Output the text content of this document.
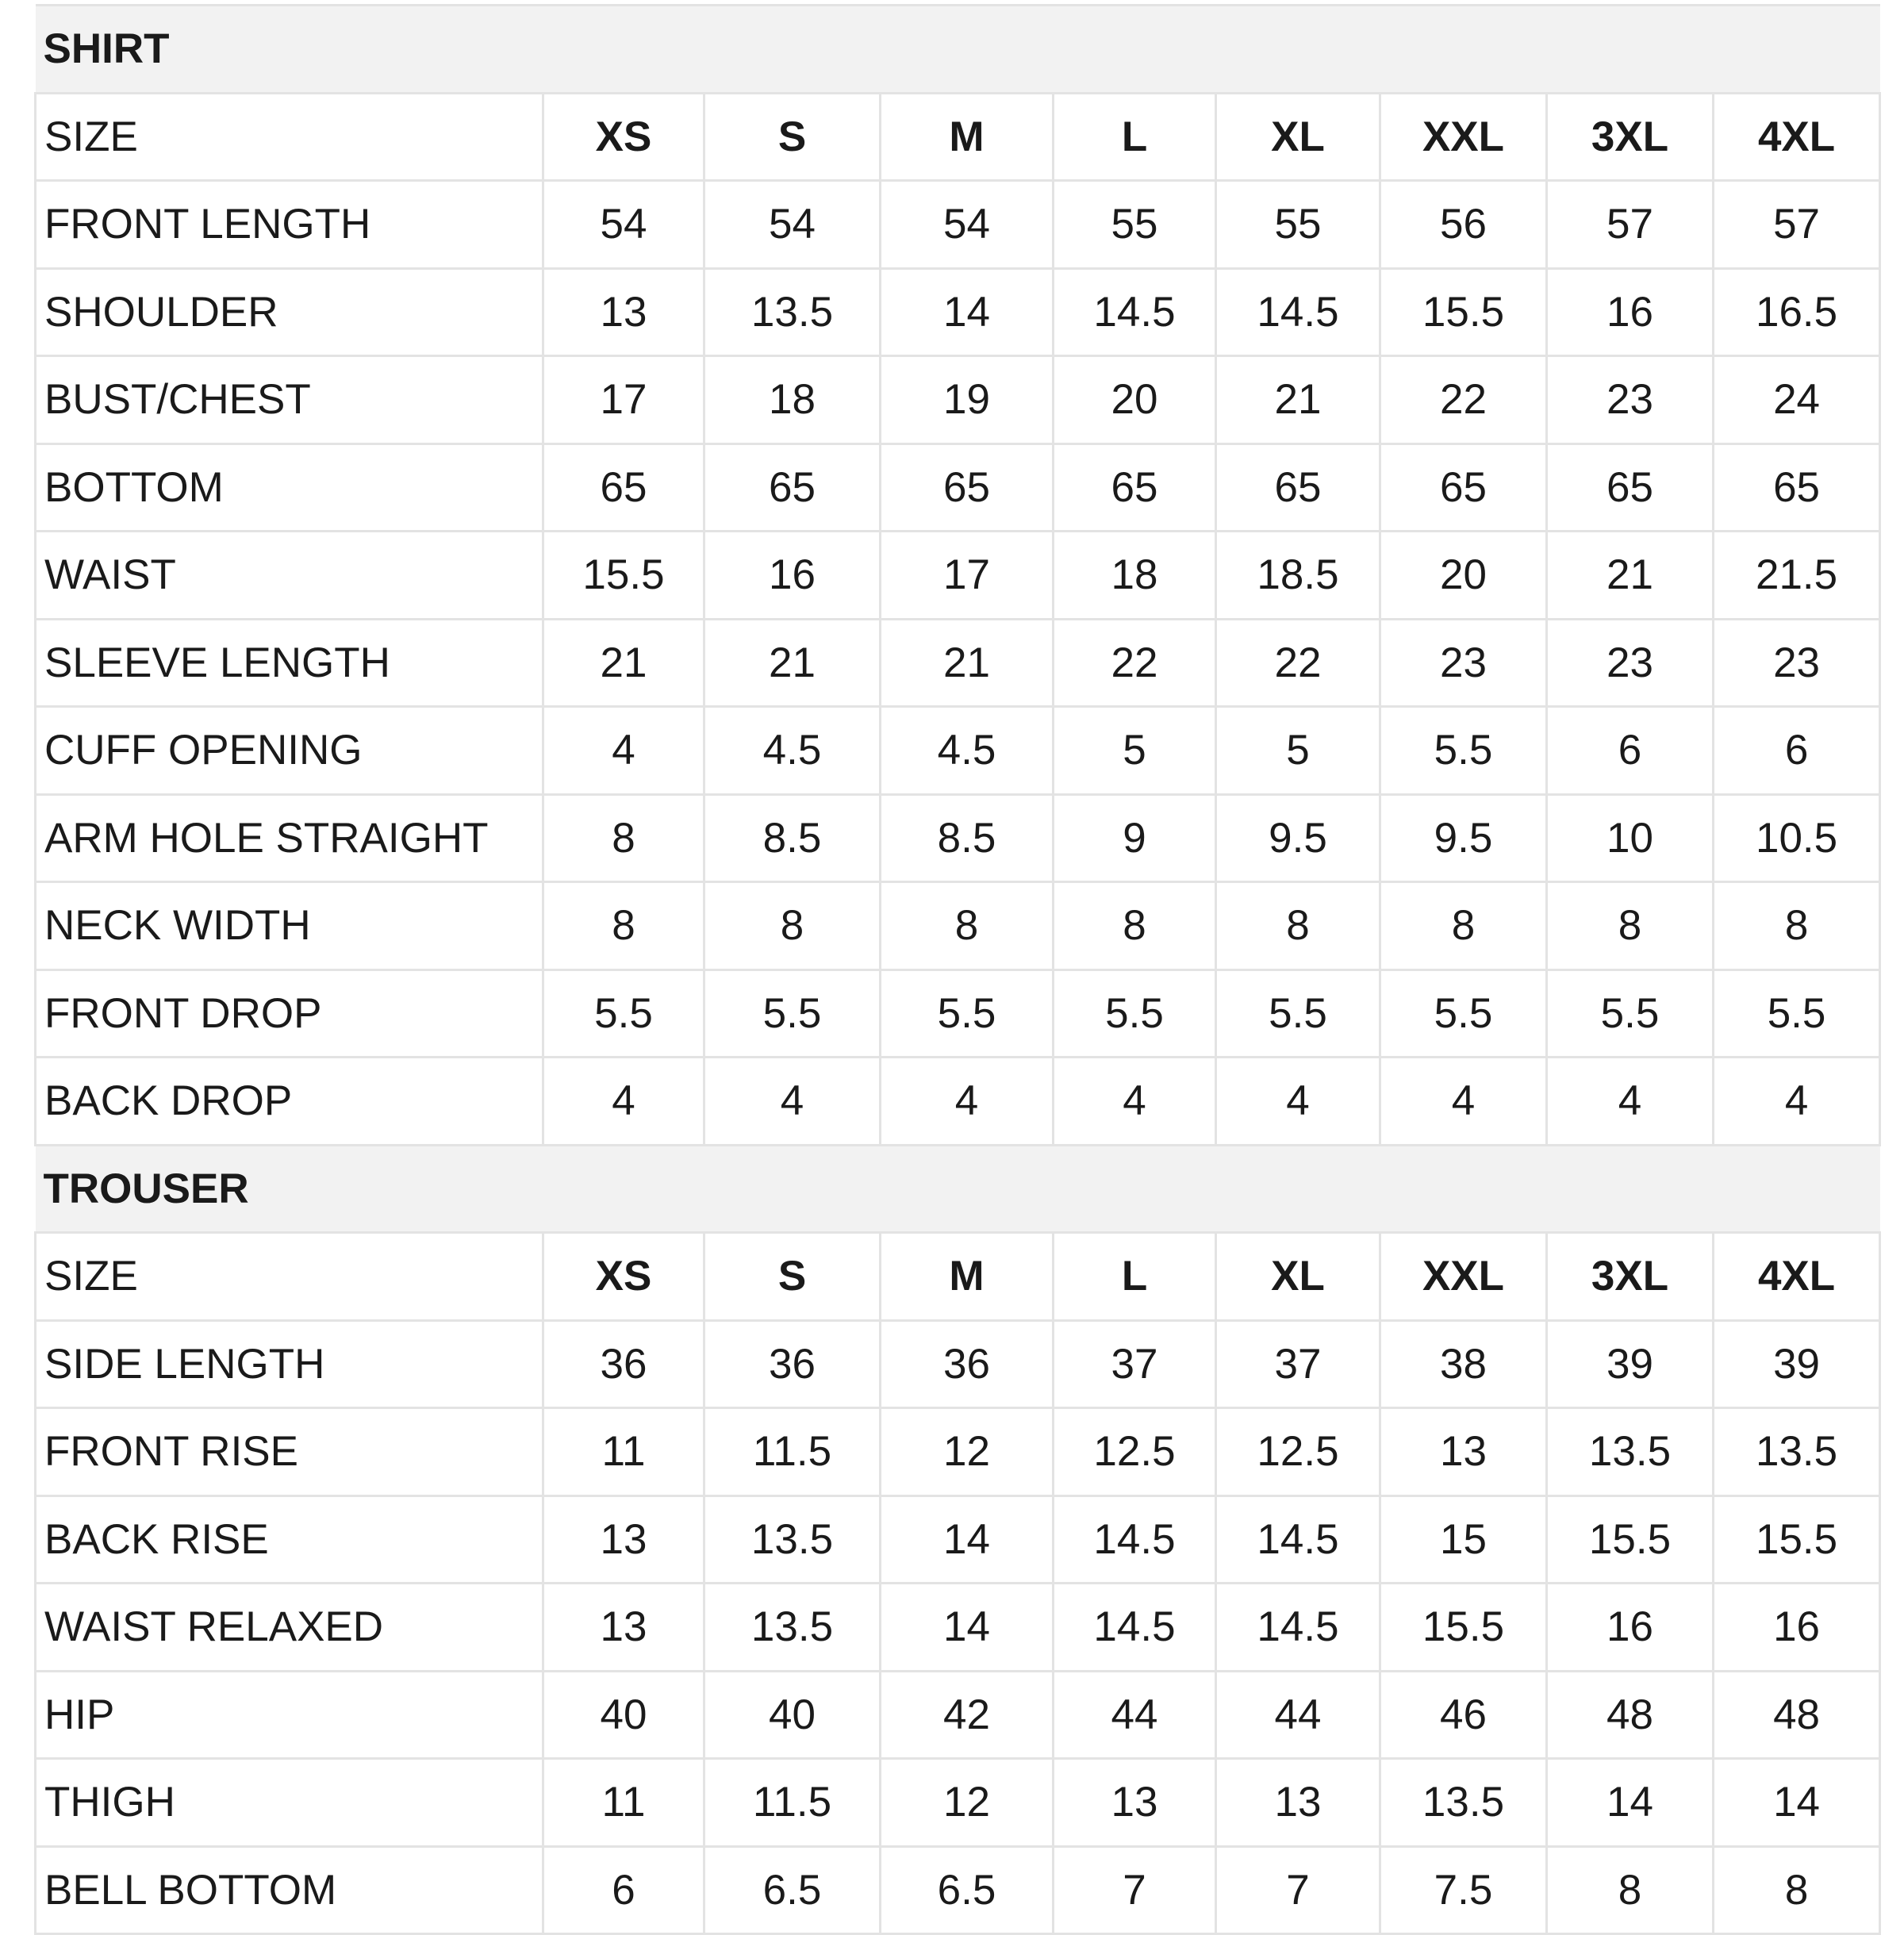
SHIRT								
SIZE	XS	S	M	L	XL	XXL	3XL	4XL
FRONT LENGTH	54	54	54	55	55	56	57	57
SHOULDER	13	13.5	14	14.5	14.5	15.5	16	16.5
BUST/CHEST	17	18	19	20	21	22	23	24
BOTTOM	65	65	65	65	65	65	65	65
WAIST	15.5	16	17	18	18.5	20	21	21.5
SLEEVE LENGTH	21	21	21	22	22	23	23	23
CUFF OPENING	4	4.5	4.5	5	5	5.5	6	6
ARM HOLE STRAIGHT	8	8.5	8.5	9	9.5	9.5	10	10.5
NECK WIDTH	8	8	8	8	8	8	8	8
FRONT DROP	5.5	5.5	5.5	5.5	5.5	5.5	5.5	5.5
BACK DROP	4	4	4	4	4	4	4	4
TROUSER								
SIZE	XS	S	M	L	XL	XXL	3XL	4XL
SIDE LENGTH	36	36	36	37	37	38	39	39
FRONT RISE	11	11.5	12	12.5	12.5	13	13.5	13.5
BACK RISE	13	13.5	14	14.5	14.5	15	15.5	15.5
WAIST RELAXED	13	13.5	14	14.5	14.5	15.5	16	16
HIP	40	40	42	44	44	46	48	48
THIGH	11	11.5	12	13	13	13.5	14	14
BELL BOTTOM	6	6.5	6.5	7	7	7.5	8	8
